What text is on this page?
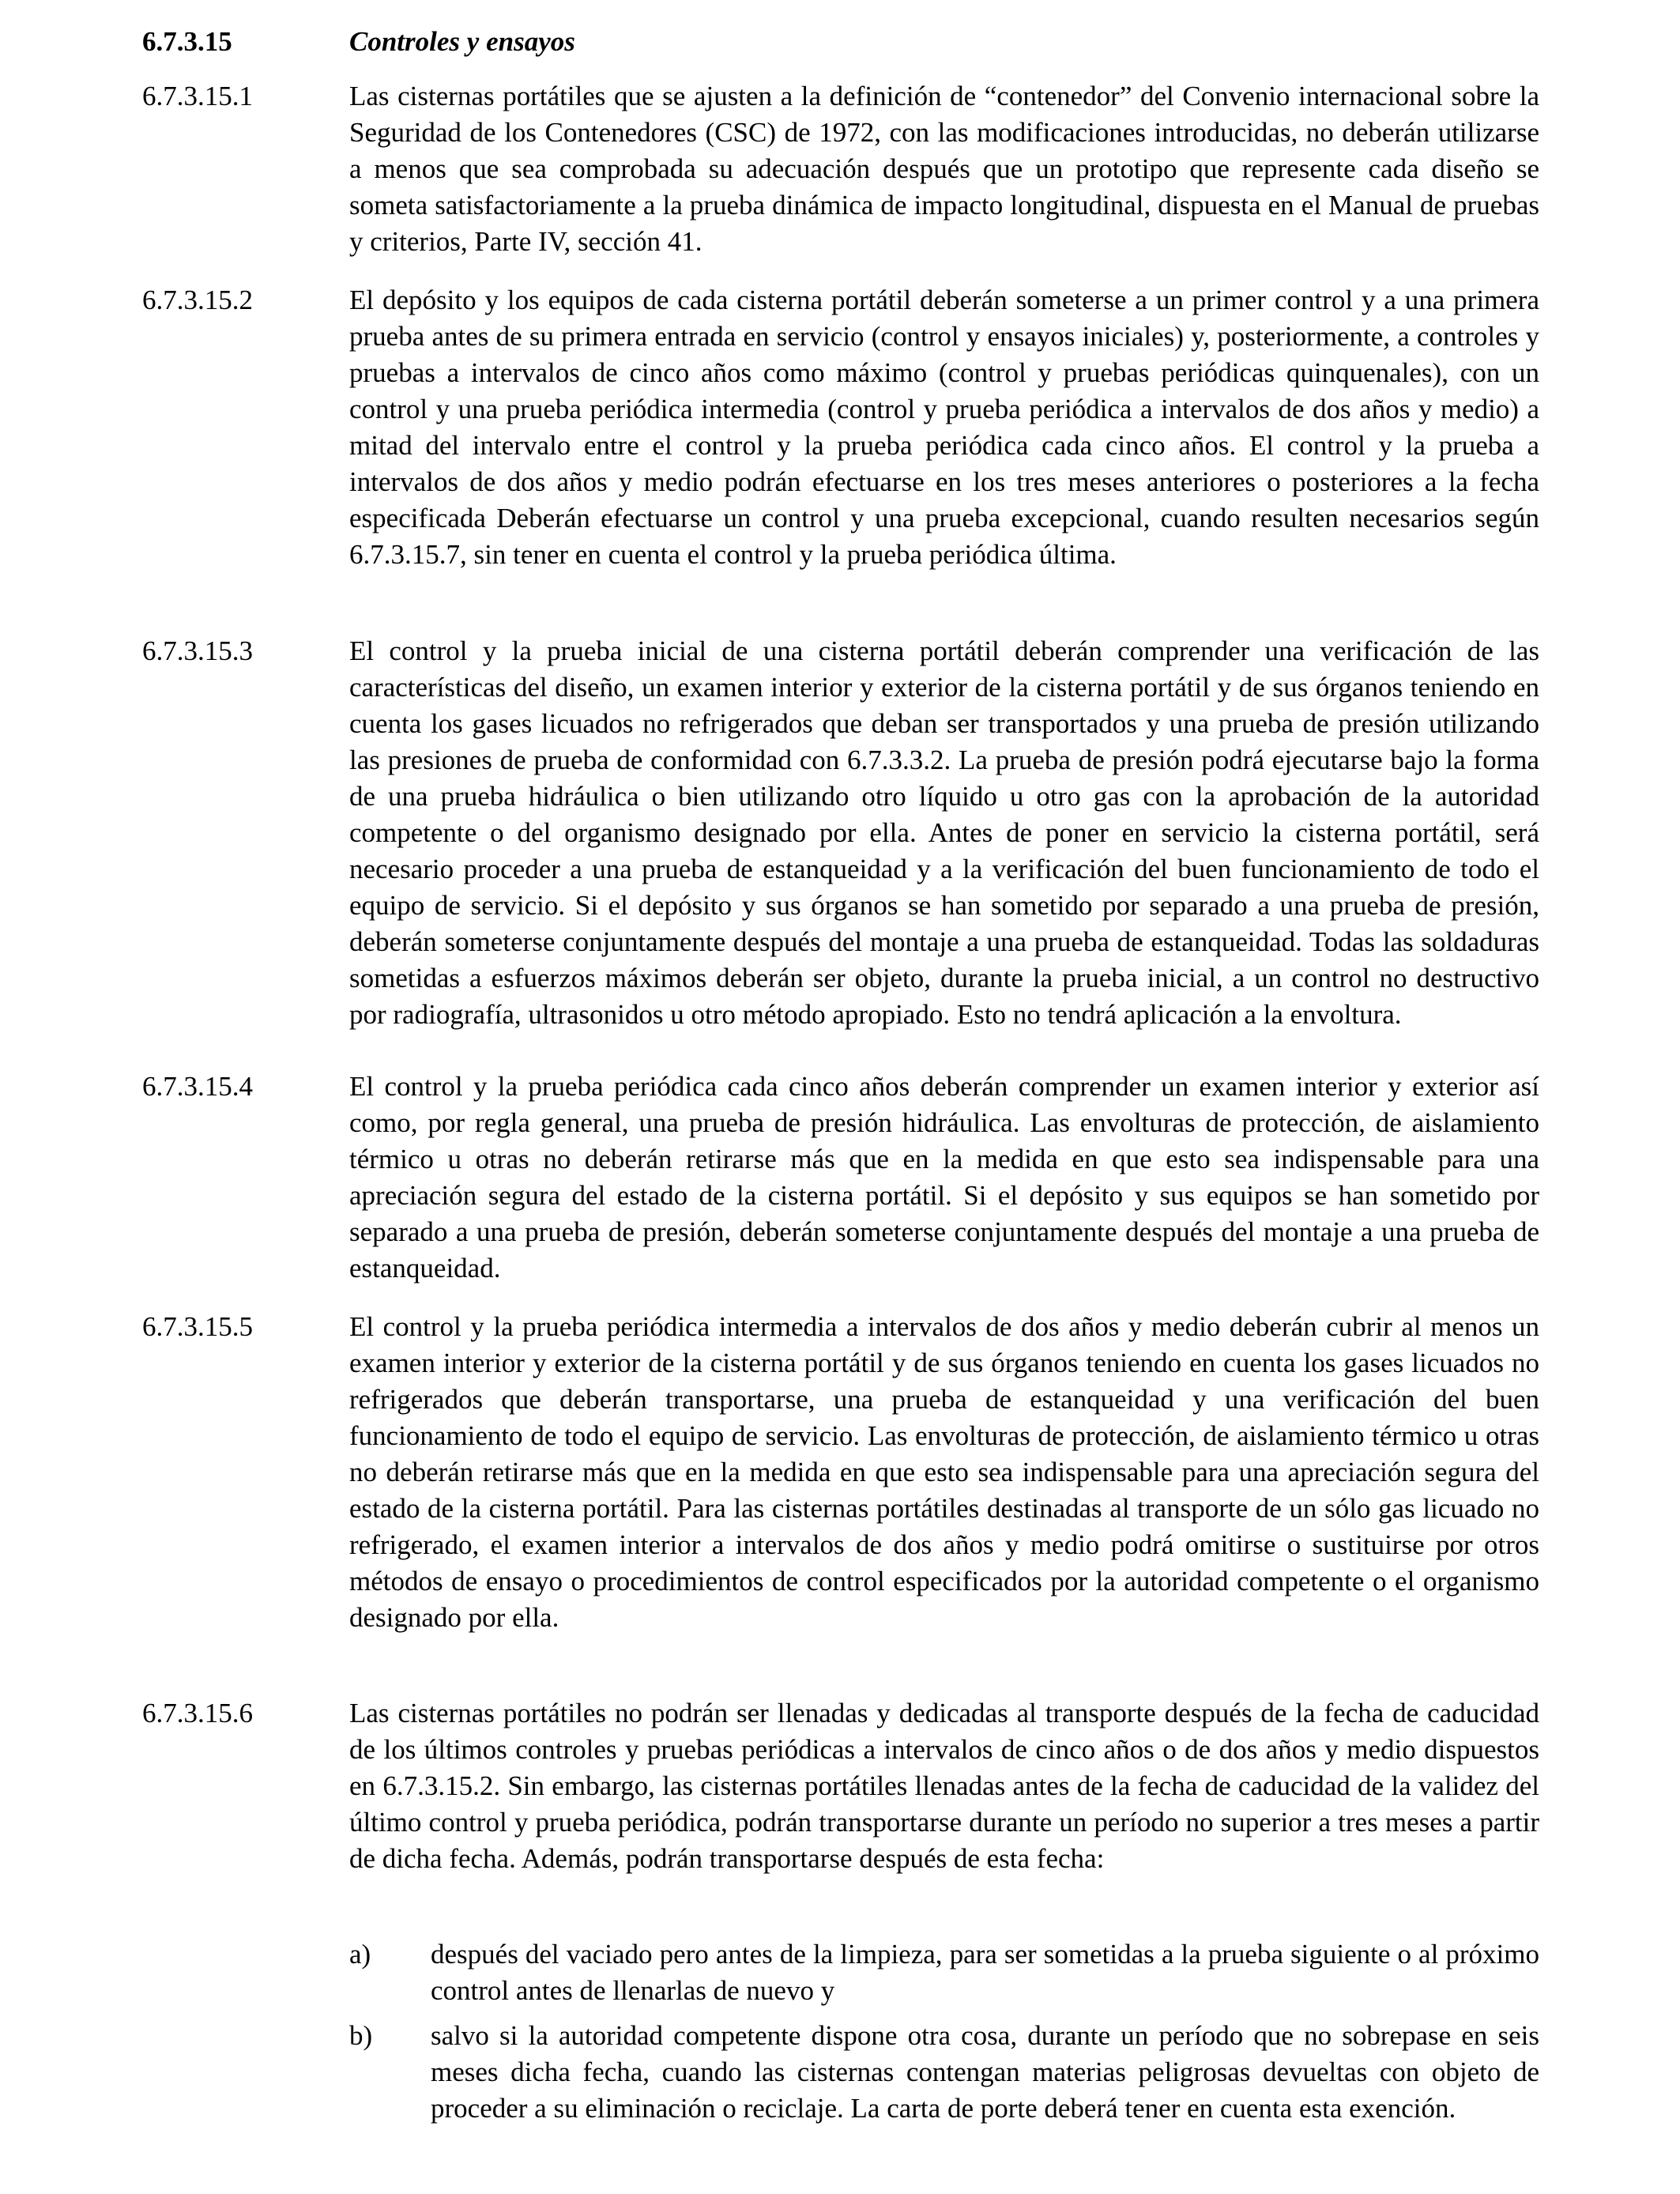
6.7.3.15	Controles y ensayos
6.7.3.15.1	Las cisternas portátiles que se ajusten a la definición de “contenedor” del Convenio internacional sobre la Seguridad de los Contenedores (CSC) de 1972, con las modificaciones introducidas, no deberán utilizarse a menos que sea comprobada su adecuación después que un prototipo que represente cada diseño se someta satisfactoriamente a la prueba dinámica de impacto longitudinal, dispuesta en el Manual de pruebas y criterios, Parte IV, sección 41.
6.7.3.15.2	El depósito y los equipos de cada cisterna portátil deberán someterse a un primer control y a una primera prueba antes de su primera entrada en servicio (control y ensayos iniciales) y, posteriormente, a controles y pruebas a intervalos de cinco años como máximo (control y pruebas periódicas quinquenales), con un control y una prueba periódica intermedia (control y prueba periódica a intervalos de dos años y medio) a mitad del intervalo entre el control y la prueba periódica cada cinco años. El control y la prueba a intervalos de dos años y medio podrán efectuarse en los tres meses anteriores o posteriores a la fecha especificada Deberán efectuarse un control y una prueba excepcional, cuando resulten necesarios según 6.7.3.15.7, sin tener en cuenta el control y la prueba periódica última.
6.7.3.15.3	El control y la prueba inicial de una cisterna portátil deberán comprender una verificación de las características del diseño, un examen interior y exterior de la cisterna portátil y de sus órganos teniendo en cuenta los gases licuados no refrigerados que deban ser transportados y una prueba de presión utilizando las presiones de prueba de conformidad con 6.7.3.3.2. La prueba de presión podrá ejecutarse bajo la forma de una prueba hidráulica o bien utilizando otro líquido u otro gas con la aprobación de la autoridad competente o del organismo designado por ella. Antes de poner en servicio la cisterna portátil, será necesario proceder a una prueba de estanqueidad y a la verificación del buen funcionamiento de todo el equipo de servicio. Si el depósito y sus órganos se han sometido por separado a una prueba de presión, deberán someterse conjuntamente después del montaje a una prueba de estanqueidad. Todas las soldaduras sometidas a esfuerzos máximos deberán ser objeto, durante la prueba inicial, a un control no destructivo por radiografía, ultrasonidos u otro método apropiado. Esto no tendrá aplicación a la envoltura.
6.7.3.15.4	El control y la prueba periódica cada cinco años deberán comprender un examen interior y exterior así como, por regla general, una prueba de presión hidráulica. Las envolturas de protección, de aislamiento térmico u otras no deberán retirarse más que en la medida en que esto sea indispensable para una apreciación segura del estado de la cisterna portátil. Si el depósito y sus equipos se han sometido por separado a una prueba de presión, deberán someterse conjuntamente después del montaje a una prueba de estanqueidad.
6.7.3.15.5	El control y la prueba periódica intermedia a intervalos de dos años y medio deberán cubrir al menos un examen interior y exterior de la cisterna portátil y de sus órganos teniendo en cuenta los gases licuados no refrigerados que deberán transportarse, una prueba de estanqueidad y una verificación del buen funcionamiento de todo el equipo de servicio. Las envolturas de protección, de aislamiento térmico u otras no deberán retirarse más que en la medida en que esto sea indispensable para una apreciación segura del estado de la cisterna portátil. Para las cisternas portátiles destinadas al transporte de un sólo gas licuado no refrigerado, el examen interior a intervalos de dos años y medio podrá omitirse o sustituirse por otros métodos de ensayo o procedimientos de control especificados por la autoridad competente o el organismo designado por ella.
6.7.3.15.6	Las cisternas portátiles no podrán ser llenadas y dedicadas al transporte después de la fecha de caducidad de los últimos controles y pruebas periódicas a intervalos de cinco años o de dos años y medio dispuestos en 6.7.3.15.2. Sin embargo, las cisternas portátiles llenadas antes de la fecha de caducidad de la validez del último control y prueba periódica, podrán transportarse durante un período no superior a tres meses a partir de dicha fecha. Además, podrán transportarse después de esta fecha:
a) después del vaciado pero antes de la limpieza, para ser sometidas a la prueba siguiente o al próximo control antes de llenarlas de nuevo y
b) salvo si la autoridad competente dispone otra cosa, durante un período que no sobrepase en seis meses dicha fecha, cuando las cisternas contengan materias peligrosas devueltas con objeto de proceder a su eliminación o reciclaje. La carta de porte deberá tener en cuenta esta exención.
